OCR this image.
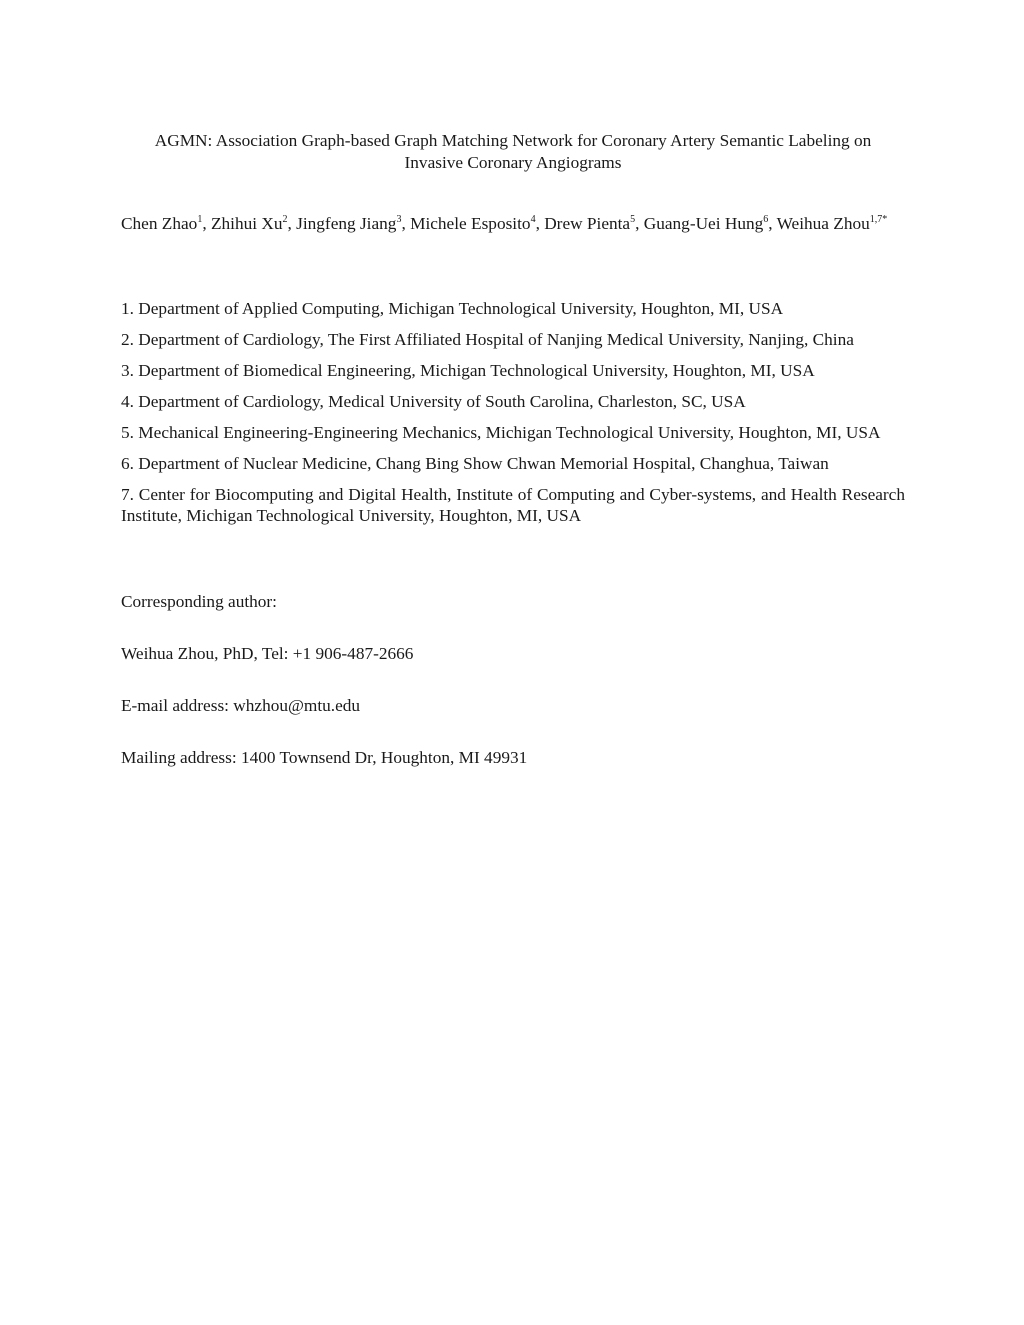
AGMN: Association Graph-based Graph Matching Network for Coronary Artery Semantic Labeling on
Invasive Coronary Angiograms
Chen Zhao$^1$, Zhihui Xu$^2$, Jingfeng Jiang$^3$, Michele Esposito$^4$, Drew Pienta$^5$, Guang-Uei Hung$^6$, Weihua Zhou$^{1,7*}$
1. Department of Applied Computing, Michigan Technological University, Houghton, MI, USA
2. Department of Cardiology, The First Affiliated Hospital of Nanjing Medical University, Nanjing, China
3. Department of Biomedical Engineering, Michigan Technological University, Houghton, MI, USA
4. Department of Cardiology, Medical University of South Carolina, Charleston, SC, USA
5. Mechanical Engineering-Engineering Mechanics, Michigan Technological University, Houghton, MI, USA
6. Department of Nuclear Medicine, Chang Bing Show Chwan Memorial Hospital, Changhua, Taiwan
7. Center for Biocomputing and Digital Health, Institute of Computing and Cyber-systems, and Health Research Institute, Michigan Technological University, Houghton, MI, USA
Corresponding author:
Weihua Zhou, PhD, Tel: +1 906-487-2666
E-mail address: whzhou@mtu.edu
Mailing address: 1400 Townsend Dr, Houghton, MI 49931
